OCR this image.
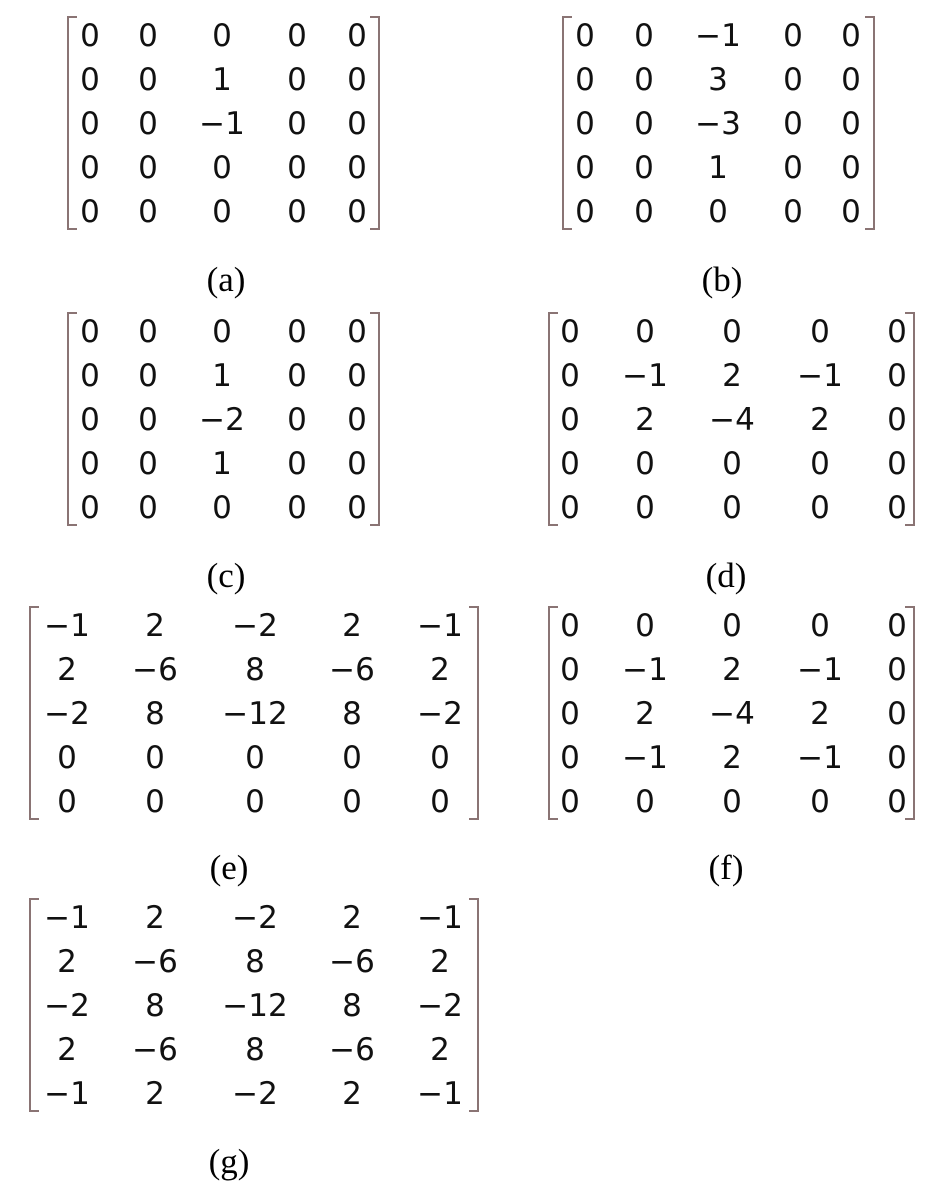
0	0	0	0	0
0	0	1	0	0
0	0	−1	0	0
0	0	0	0	0
0	0	0	0	0
(a)
0	0	−1	0	0
0	0	3	0	0
0	0	−3	0	0
0	0	1	0	0
0	0	0	0	0
(b)
0	0	0	0	0
0	0	1	0	0
0	0	−2	0	0
0	0	1	0	0
0	0	0	0	0
(c)
0	0	0	0	0
0	−1	2	−1	0
0	2	−4	2	0
0	0	0	0	0
0	0	0	0	0
(d)
−1	2	−2	2	−1
2	−6	8	−6	2
−2	8	−12	8	−2
0	0	0	0	0
0	0	0	0	0
(e)
0	0	0	0	0
0	−1	2	−1	0
0	2	−4	2	0
0	−1	2	−1	0
0	0	0	0	0
(f)
−1	2	−2	2	−1
2	−6	8	−6	2
−2	8	−12	8	−2
2	−6	8	−6	2
−1	2	−2	2	−1
(g)
